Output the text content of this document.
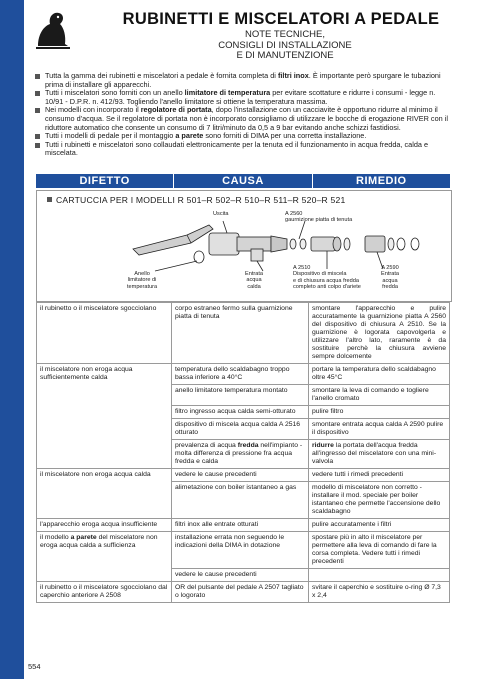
RUBINETTI E MISCELATORI A PEDALE
NOTE TECNICHE,
CONSIGLI DI INSTALLAZIONE
E DI MANUTENZIONE
Tutta la gamma dei rubinetti e miscelatori a pedale è fornita completa di filtri inox. È importante però spurgare le tubazioni prima di installare gli apparecchi.
Tutti i miscelatori sono forniti con un anello limitatore di temperatura per evitare scottature e ridurre i consumi - legge n. 10/91 - D.P.R. n. 412/93. Togliendo l'anello limitatore si ottiene la temperatura massima.
Nei modelli con incorporato il regolatore di portata, dopo l'installazione con un cacciavite è opportuno ridurre al minimo il consumo d'acqua. Se il regolatore di portata non è incorporato consigliamo di utilizzare le bocche di erogazione RIVER con il riduttore automatico che consente un consumo di 7 litri/minuto da 0,5 a 9 bar evitando anche schizzi fastidiosi.
Tutti i modelli di pedale per il montaggio a parete sono forniti di DIMA per una corretta installazione.
Tutti i rubinetti e miscelatori sono collaudati elettronicamente per la tenuta ed il funzionamento in acqua fredda, calda e miscelata.
DIFETTO	CAUSA	RIMEDIO
CARTUCCIA PER I MODELLI R 501–R 502–R 510–R 511–R 520–R 521
Uscita	A 2560
gaurnizione piatta di tenuta
Anello
limitatore di
temperatura
Entrata
acqua
calda
A 2510
Dispositivo di miscela
e di chiusura acqua fredda
completo anti colpo d'ariete
A 2590
Entrata
acqua
fredda
il rubinetto o il miscelatore sgocciolano	corpo estraneo fermo sulla guarnizione piatta di tenuta	smontare l'apparecchio e pulire accuratamente la guarnizione piatta A 2560 del dispositivo di chiusura A 2510. Se la guarnizione è logorata capovolgerla e utilizzare l'altro lato, raramente è da sostituire perchè la chiusura avviene sempre dolcemente
il miscelatore non eroga acqua sufficientemente calda	temperatura dello scaldabagno troppo bassa inferiore a 40°C	portare la temperatura dello scaldabagno oltre 45°C
	anello limitatore temperatura montato	smontare la leva di comando e togliere l'anello cromato
	filtro ingresso acqua calda semi-otturato	pulire filtro
	dispositivo di miscela acqua calda A 2516 otturato	smontare entrata acqua calda A 2590 pulire il dispositivo
	prevalenza di acqua fredda nell'impianto - molta differenza di pressione fra acqua fredda e calda	ridurre la portata dell'acqua fredda all'ingresso del miscelatore con una mini-valvola
il miscelatore non eroga acqua calda	vedere le cause precedenti	vedere tutti i rimedi precedenti
	alimetazione con boiler istantaneo a gas	modello di miscelatore non corretto -installare il mod. speciale per boiler istantaneo che permette l'accensione dello scaldabagno
l'apparecchio eroga acqua insufficiente	filtri inox alle entrate otturati	pulire accuratamente i filtri
il modello a parete del miscelatore non eroga acqua calda a sufficienza	installazione errata non seguendo le indicazioni della DIMA in dotazione	spostare più in alto il miscelatore per permettere alla leva di comando di fare la corsa completa. Vedere tutti i rimedi precedenti
	vedere le cause precedenti	
il rubinetto o il miscelatore sgocciolano dal caperchio anteriore A 2508	OR del pulsante del pedale A 2507 tagliato o logorato	svitare il caperchio e sostituire o-ring Ø 7,3 x 2,4
554
